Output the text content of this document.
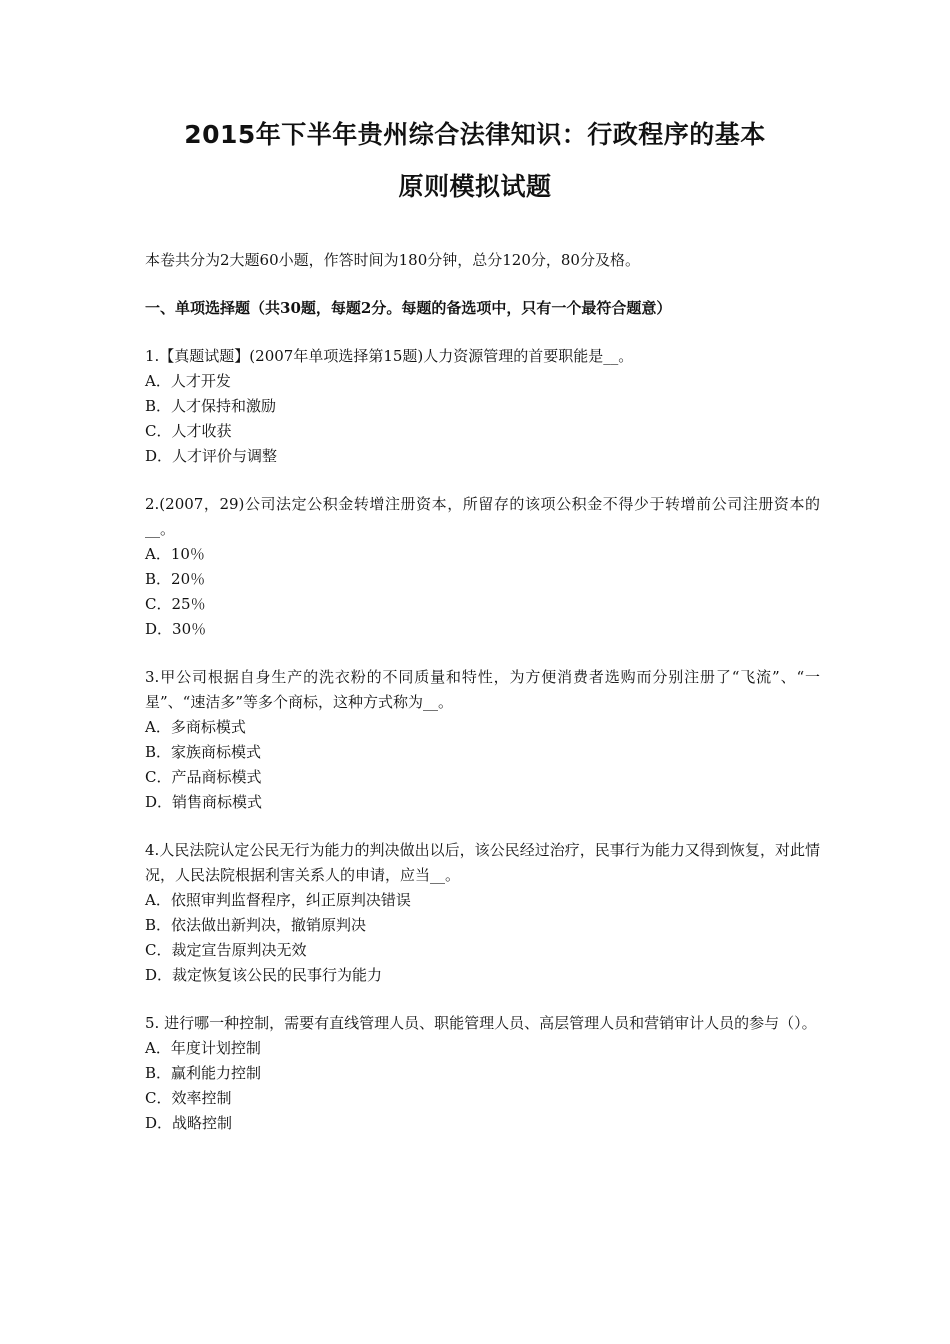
2015年下半年贵州综合法律知识：行政程序的基本
原则模拟试题

本卷共分为2大题60小题，作答时间为180分钟，总分120分，80分及格。

一、单项选择题（共30题，每题2分。每题的备选项中，只有一个最符合题意）

1.【真题试题】(2007年单项选择第15题)人力资源管理的首要职能是__。

A．人才开发

B．人才保持和激励

C．人才收获

D．人才评价与调整

2.(2007，29)公司法定公积金转增注册资本，所留存的该项公积金不得少于转增前公司注册资本的__。

A．10％

B．20％

C．25％

D．30％

3.甲公司根据自身生产的洗衣粉的不同质量和特性，为方便消费者选购而分别注册了“飞流”、“一星”、“速洁多”等多个商标，这种方式称为__。

A．多商标模式

B．家族商标模式

C．产品商标模式

D．销售商标模式

4.人民法院认定公民无行为能力的判决做出以后，该公民经过治疗，民事行为能力又得到恢复，对此情况，人民法院根据利害关系人的申请，应当__。

A．依照审判监督程序，纠正原判决错误

B．依法做出新判决，撤销原判决

C．裁定宣告原判决无效

D．裁定恢复该公民的民事行为能力

5. 进行哪一种控制，需要有直线管理人员、职能管理人员、高层管理人员和营销审计人员的参与（）。

A．年度计划控制

B．赢利能力控制

C．效率控制

D．战略控制
